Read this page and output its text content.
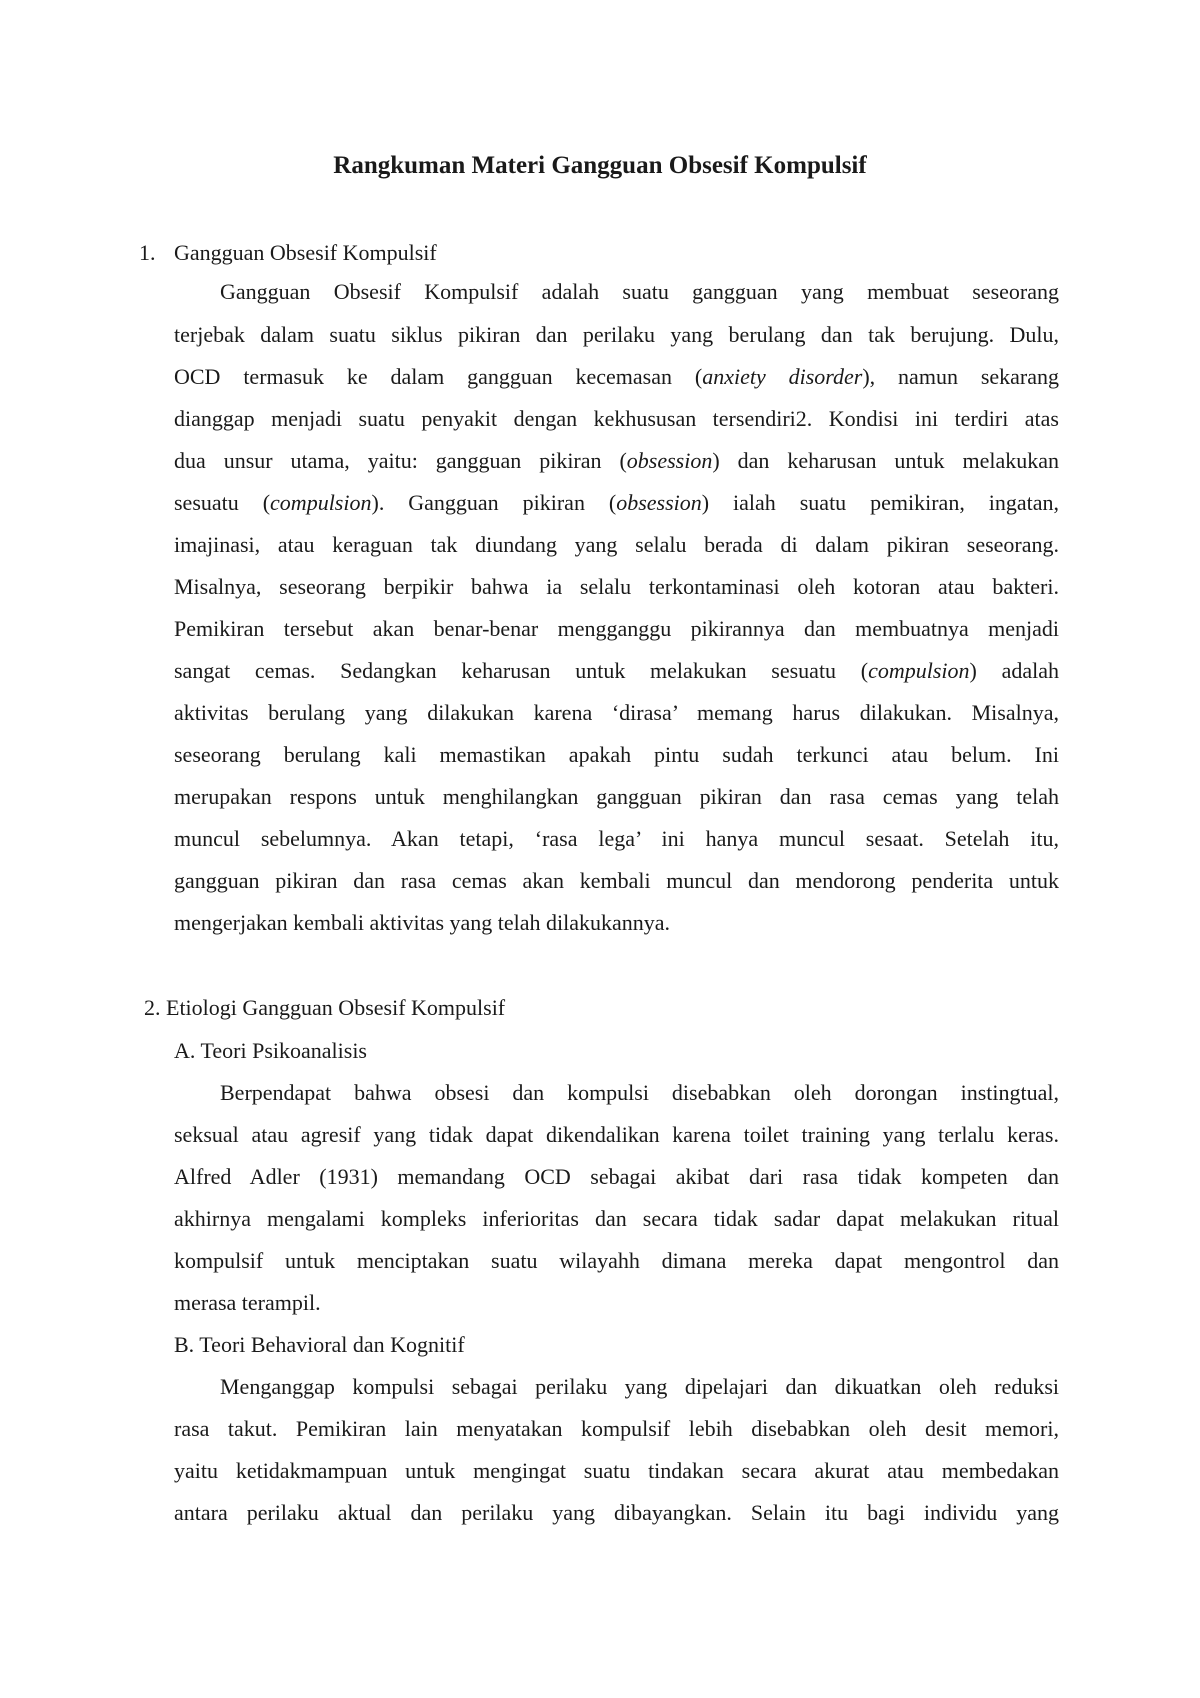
Rangkuman Materi Gangguan Obsesif Kompulsif
1. Gangguan Obsesif Kompulsif
Gangguan Obsesif Kompulsif adalah suatu gangguan yang membuat seseorang
terjebak dalam suatu siklus pikiran dan perilaku yang berulang dan tak berujung. Dulu,
OCD termasuk ke dalam gangguan kecemasan (anxiety disorder), namun sekarang
dianggap menjadi suatu penyakit dengan kekhususan tersendiri2. Kondisi ini terdiri atas
dua unsur utama, yaitu: gangguan pikiran (obsession) dan keharusan untuk melakukan
sesuatu (compulsion). Gangguan pikiran (obsession) ialah suatu pemikiran, ingatan,
imajinasi, atau keraguan tak diundang yang selalu berada di dalam pikiran seseorang.
Misalnya, seseorang berpikir bahwa ia selalu terkontaminasi oleh kotoran atau bakteri.
Pemikiran tersebut akan benar-benar mengganggu pikirannya dan membuatnya menjadi
sangat cemas. Sedangkan keharusan untuk melakukan sesuatu (compulsion) adalah
aktivitas berulang yang dilakukan karena ‘dirasa’ memang harus dilakukan. Misalnya,
seseorang berulang kali memastikan apakah pintu sudah terkunci atau belum. Ini
merupakan respons untuk menghilangkan gangguan pikiran dan rasa cemas yang telah
muncul sebelumnya. Akan tetapi, ‘rasa lega’ ini hanya muncul sesaat. Setelah itu,
gangguan pikiran dan rasa cemas akan kembali muncul dan mendorong penderita untuk
mengerjakan kembali aktivitas yang telah dilakukannya.
2. Etiologi Gangguan Obsesif Kompulsif
A. Teori Psikoanalisis
Berpendapat bahwa obsesi dan kompulsi disebabkan oleh dorongan instingtual,
seksual atau agresif yang tidak dapat dikendalikan karena toilet training yang terlalu keras.
Alfred Adler (1931) memandang OCD sebagai akibat dari rasa tidak kompeten dan
akhirnya mengalami kompleks inferioritas dan secara tidak sadar dapat melakukan ritual
kompulsif untuk menciptakan suatu wilayahh dimana mereka dapat mengontrol dan
merasa terampil.
B. Teori Behavioral dan Kognitif
Menganggap kompulsi sebagai perilaku yang dipelajari dan dikuatkan oleh reduksi
rasa takut. Pemikiran lain menyatakan kompulsif lebih disebabkan oleh desit memori,
yaitu ketidakmampuan untuk mengingat suatu tindakan secara akurat atau membedakan
antara perilaku aktual dan perilaku yang dibayangkan. Selain itu bagi individu yang
